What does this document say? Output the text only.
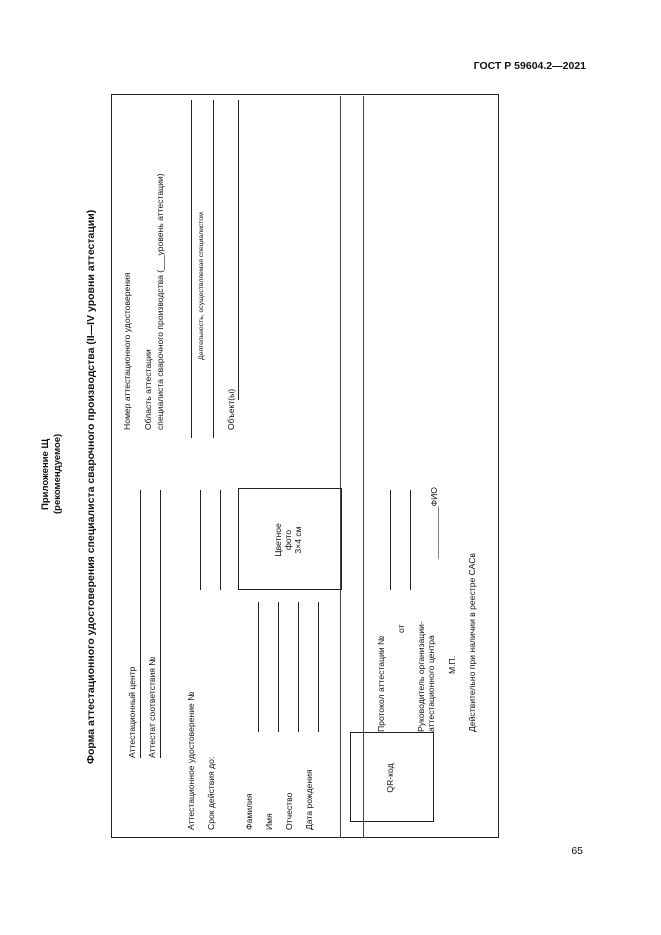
ГОСТ Р 59604.2—2021
65
Приложение Щ (рекомендуемое) Форма аттестационного удостоверения специалиста сварочного производства (II—IV уровни аттестации)	Аттестационный центр Аттестат соответствия №	Аттестационное удостоверение № Срок действия до:	Фамилия Имя Отчество Дата рождения
Цветное фото 3×4 см
QR-код
Протокол аттестации №
от Руководитель организации- аттестационного центра
___________ФИО
М.П. Действительно при наличии в реестре САСв
Номер аттестационного удостоверения Область аттестации специалиста сварочного производства (___уровень аттестации)	Деятельность, осуществляемая специалистом
Объект(ы)
